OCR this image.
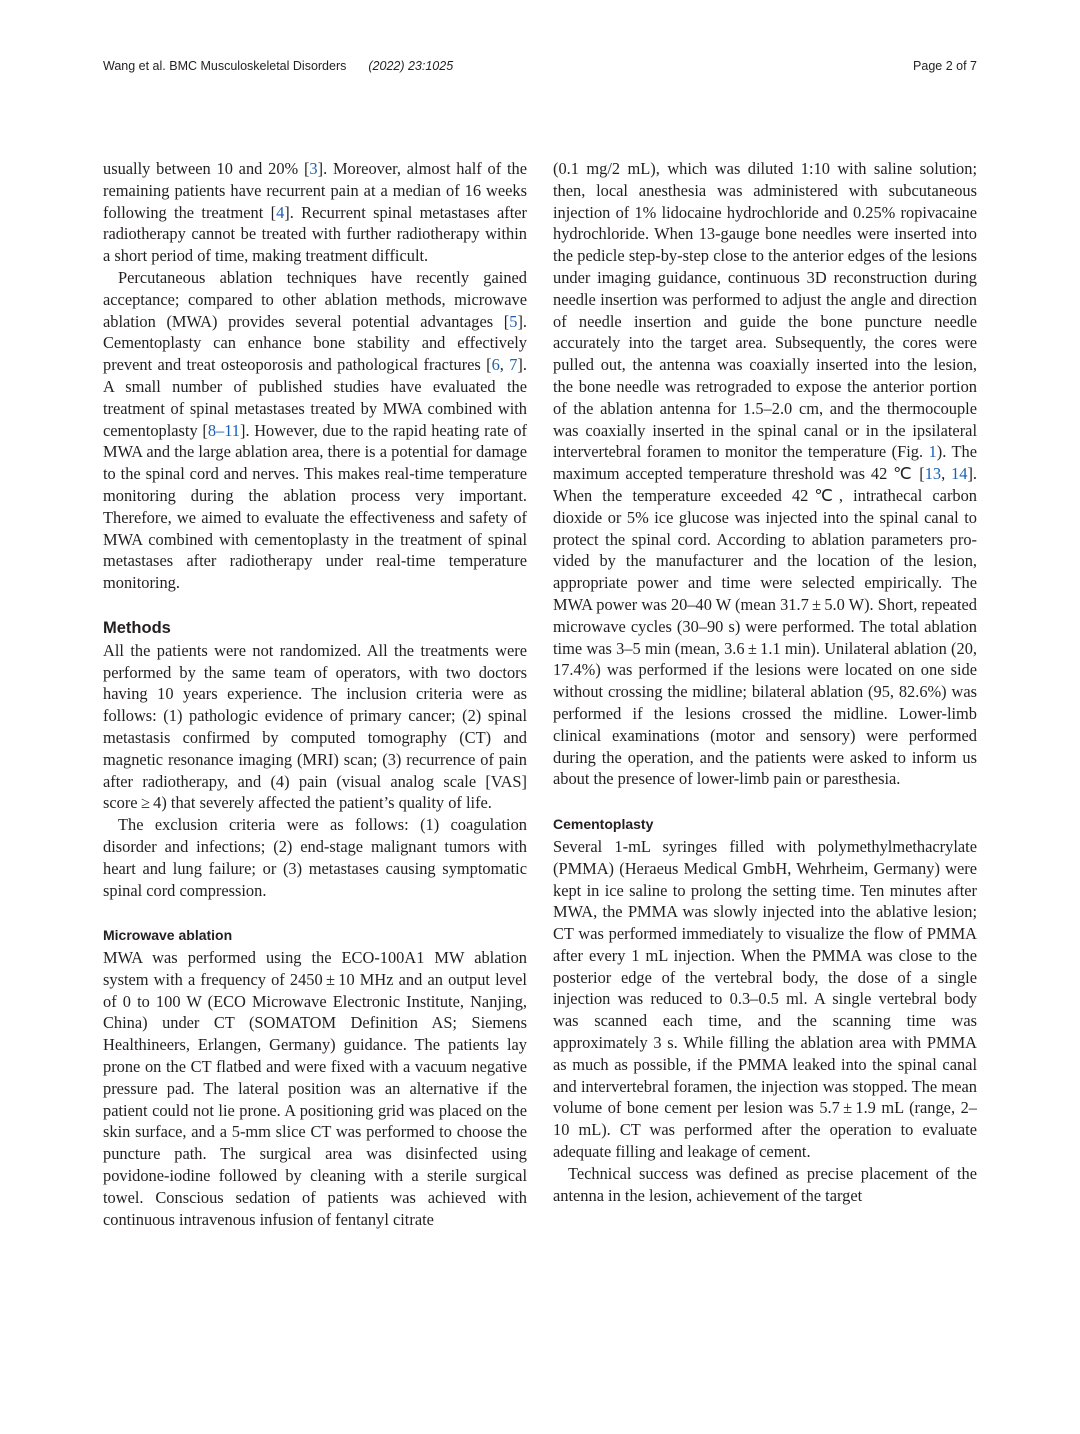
Wang et al. BMC Musculoskeletal Disorders (2022) 23:1025	Page 2 of 7

usually between 10 and 20% [3]. Moreover, almost half of the remaining patients have recurrent pain at a median of 16 weeks following the treatment [4]. Recurrent spinal metastases after radiotherapy cannot be treated with further radiotherapy within a short period of time, making treatment difficult.

Percutaneous ablation techniques have recently gained acceptance; compared to other ablation methods, microwave ablation (MWA) provides several potential advantages [5]. Cementoplasty can enhance bone stability and effectively prevent and treat osteoporosis and pathological fractures [6, 7]. A small number of published studies have evaluated the treatment of spinal metastases treated by MWA combined with cementoplasty [8–11]. However, due to the rapid heating rate of MWA and the large ablation area, there is a potential for damage to the spinal cord and nerves. This makes real-time temperature monitoring during the ablation process very important. Therefore, we aimed to evaluate the effectiveness and safety of MWA combined with cementoplasty in the treatment of spinal metastases after radiotherapy under real-time temperature monitoring.

Methods

All the patients were not randomized. All the treatments were performed by the same team of operators, with two doctors having 10 years experience. The inclusion criteria were as follows: (1) pathologic evidence of primary cancer; (2) spinal metastasis confirmed by computed tomography (CT) and magnetic resonance imaging (MRI) scan; (3) recurrence of pain after radiotherapy, and (4) pain (visual analog scale [VAS] score ≥ 4) that severely affected the patient’s quality of life.

The exclusion criteria were as follows: (1) coagulation disorder and infections; (2) end-stage malignant tumors with heart and lung failure; or (3) metastases causing symptomatic spinal cord compression.

Microwave ablation

MWA was performed using the ECO-100A1 MW ablation system with a frequency of 2450 ± 10 MHz and an output level of 0 to 100 W (ECO Microwave Electronic Institute, Nanjing, China) under CT (SOMATOM Definition AS; Siemens Healthineers, Erlangen, Germany) guidance. The patients lay prone on the CT flatbed and were fixed with a vacuum negative pressure pad. The lateral position was an alternative if the patient could not lie prone. A positioning grid was placed on the skin surface, and a 5-mm slice CT was performed to choose the puncture path. The surgical area was disinfected using povidone-iodine followed by cleaning with a sterile surgical towel. Conscious sedation of patients was achieved with continuous intravenous infusion of fentanyl citrate

(0.1 mg/2 mL), which was diluted 1:10 with saline solution; then, local anesthesia was administered with subcutaneous injection of 1% lidocaine hydrochloride and 0.25% ropivacaine hydrochloride. When 13-gauge bone needles were inserted into the pedicle step-by-step close to the anterior edges of the lesions under imaging guidance, continuous 3D reconstruction during needle insertion was performed to adjust the angle and direction of needle insertion and guide the bone puncture needle accurately into the target area. Subsequently, the cores were pulled out, the antenna was coaxially inserted into the lesion, the bone needle was retrograded to expose the anterior portion of the ablation antenna for 1.5–2.0 cm, and the thermocouple was coaxially inserted in the spinal canal or in the ipsilateral intervertebral foramen to monitor the temperature (Fig. 1). The maximum accepted temperature threshold was 42 ℃ [13, 14]. When the temperature exceeded 42℃, intrathecal carbon dioxide or 5% ice glucose was injected into the spinal canal to protect the spinal cord. According to ablation parameters provided by the manufacturer and the location of the lesion, appropriate power and time were selected empirically. The MWA power was 20–40 W (mean 31.7 ± 5.0 W). Short, repeated microwave cycles (30–90 s) were performed. The total ablation time was 3–5 min (mean, 3.6 ± 1.1 min). Unilateral ablation (20, 17.4%) was performed if the lesions were located on one side without crossing the midline; bilateral ablation (95, 82.6%) was performed if the lesions crossed the midline. Lower-limb clinical examinations (motor and sensory) were performed during the operation, and the patients were asked to inform us about the presence of lower-limb pain or paresthesia.

Cementoplasty

Several 1-mL syringes filled with polymethylmethacrylate (PMMA) (Heraeus Medical GmbH, Wehrheim, Germany) were kept in ice saline to prolong the setting time. Ten minutes after MWA, the PMMA was slowly injected into the ablative lesion; CT was performed immediately to visualize the flow of PMMA after every 1 mL injection. When the PMMA was close to the posterior edge of the vertebral body, the dose of a single injection was reduced to 0.3–0.5 ml. A single vertebral body was scanned each time, and the scanning time was approximately 3 s. While filling the ablation area with PMMA as much as possible, if the PMMA leaked into the spinal canal and intervertebral foramen, the injection was stopped. The mean volume of bone cement per lesion was 5.7 ± 1.9 mL (range, 2–10 mL). CT was performed after the operation to evaluate adequate filling and leakage of cement.

Technical success was defined as precise placement of the antenna in the lesion, achievement of the target
